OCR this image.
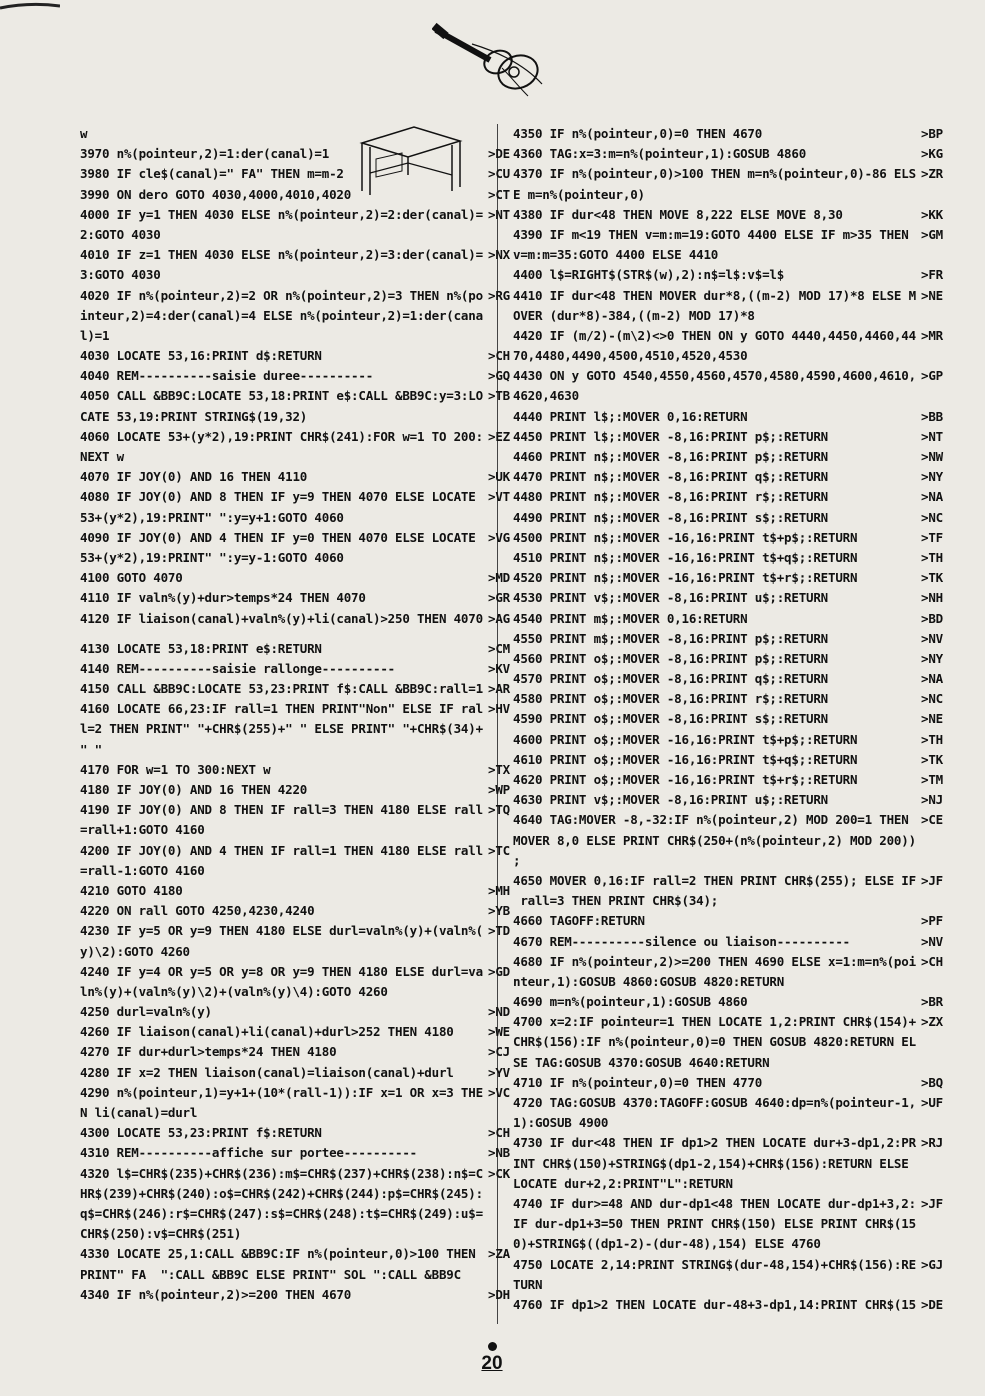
w
3970 n%(pointeur,2)=1:der(canal)=1	>DE
3980 IF cle$(canal)=" FA" THEN m=m-2	>CU
3990 ON dero GOTO 4030,4000,4010,4020	>CT
4000 IF y=1 THEN 4030 ELSE n%(pointeur,2)=2:der(canal)= >NT
2:GOTO 4030
4010 IF z=1 THEN 4030 ELSE n%(pointeur,2)=3:der(canal)= >NX
3:GOTO 4030
4020 IF n%(pointeur,2)=2 OR n%(pointeur,2)=3 THEN n%(po >RG
inteur,2)=4:der(canal)=4 ELSE n%(pointeur,2)=1:der(cana
l)=1
4030 LOCATE 53,16:PRINT d$:RETURN	>CH
4040 REM----------saisie duree----------	>GQ
4050 CALL &BB9C:LOCATE 53,18:PRINT e$:CALL &BB9C:y=3:LO >TB
CATE 53,19:PRINT STRING$(19,32)
4060 LOCATE 53+(y*2),19:PRINT CHR$(241):FOR w=1 TO 200: >EZ
NEXT w
4070 IF JOY(0) AND 16 THEN 4110	>UK
4080 IF JOY(0) AND 8 THEN IF y=9 THEN 4070 ELSE LOCATE >VT
53+(y*2),19:PRINT" ":y=y+1:GOTO 4060
4090 IF JOY(0) AND 4 THEN IF y=0 THEN 4070 ELSE LOCATE >VG
53+(y*2),19:PRINT" ":y=y-1:GOTO 4060
4100 GOTO 4070	>MD
4110 IF valn%(y)+dur>temps*24 THEN 4070	>GR
4120 IF liaison(canal)+valn%(y)+li(canal)>250 THEN 4070 >AG
4130 LOCATE 53,18:PRINT e$:RETURN	>CM
4140 REM----------saisie rallonge----------	>KV
4150 CALL &BB9C:LOCATE 53,23:PRINT f$:CALL &BB9C:rall=1 >AR
4160 LOCATE 66,23:IF rall=1 THEN PRINT"Non" ELSE IF ral >HV
l=2 THEN PRINT" "+CHR$(255)+" " ELSE PRINT" "+CHR$(34)+
" "
4170 FOR w=1 TO 300:NEXT w	>TX
4180 IF JOY(0) AND 16 THEN 4220	>WP
4190 IF JOY(0) AND 8 THEN IF rall=3 THEN 4180 ELSE rall >TQ
=rall+1:GOTO 4160
4200 IF JOY(0) AND 4 THEN IF rall=1 THEN 4180 ELSE rall >TC
=rall-1:GOTO 4160
4210 GOTO 4180	>MH
4220 ON rall GOTO 4250,4230,4240	>YB
4230 IF y=5 OR y=9 THEN 4180 ELSE durl=valn%(y)+(valn%( >TD
y)\2):GOTO 4260
4240 IF y=4 OR y=5 OR y=8 OR y=9 THEN 4180 ELSE durl=va >GD
ln%(y)+(valn%(y)\2)+(valn%(y)\4):GOTO 4260
4250 durl=valn%(y)	>ND
4260 IF liaison(canal)+li(canal)+durl>252 THEN 4180	>WE
4270 IF dur+durl>temps*24 THEN 4180	>CJ
4280 IF x=2 THEN liaison(canal)=liaison(canal)+durl	>YV
4290 n%(pointeur,1)=y+1+(10*(rall-1)):IF x=1 OR x=3 THE >VC
N li(canal)=durl
4300 LOCATE 53,23:PRINT f$:RETURN	>CH
4310 REM----------affiche sur portee----------	>NB
4320 l$=CHR$(235)+CHR$(236):m$=CHR$(237)+CHR$(238):n$=C >CK
HR$(239)+CHR$(240):o$=CHR$(242)+CHR$(244):p$=CHR$(245):
q$=CHR$(246):r$=CHR$(247):s$=CHR$(248):t$=CHR$(249):u$=
CHR$(250):v$=CHR$(251)
4330 LOCATE 25,1:CALL &BB9C:IF n%(pointeur,0)>100 THEN >ZA
PRINT" FA  ":CALL &BB9C ELSE PRINT" SOL ":CALL &BB9C
4340 IF n%(pointeur,2)>=200 THEN 4670	>DH
4350 IF n%(pointeur,0)=0 THEN 4670	>BP
4360 TAG:x=3:m=n%(pointeur,1):GOSUB 4860	>KG
4370 IF n%(pointeur,0)>100 THEN m=n%(pointeur,0)-86 ELS >ZR
E m=n%(pointeur,0)
4380 IF dur<48 THEN MOVE 8,222 ELSE MOVE 8,30	>KK
4390 IF m<19 THEN v=m:m=19:GOTO 4400 ELSE IF m>35 THEN >GM
v=m:m=35:GOTO 4400 ELSE 4410
4400 l$=RIGHT$(STR$(w),2):n$=l$:v$=l$	>FR
4410 IF dur<48 THEN MOVER dur*8,((m-2) MOD 17)*8 ELSE M >NE
OVER (dur*8)-384,((m-2) MOD 17)*8
4420 IF (m/2)-(m\2)<>0 THEN ON y GOTO 4440,4450,4460,44 >MR
70,4480,4490,4500,4510,4520,4530
4430 ON y GOTO 4540,4550,4560,4570,4580,4590,4600,4610, >GP
4620,4630
4440 PRINT l$;:MOVER 0,16:RETURN	>BB
4450 PRINT l$;:MOVER -8,16:PRINT p$;:RETURN	>NT
4460 PRINT n$;:MOVER -8,16:PRINT p$;:RETURN	>NW
4470 PRINT n$;:MOVER -8,16:PRINT q$;:RETURN	>NY
4480 PRINT n$;:MOVER -8,16:PRINT r$;:RETURN	>NA
4490 PRINT n$;:MOVER -8,16:PRINT s$;:RETURN	>NC
4500 PRINT n$;:MOVER -16,16:PRINT t$+p$;:RETURN	>TF
4510 PRINT n$;:MOVER -16,16:PRINT t$+q$;:RETURN	>TH
4520 PRINT n$;:MOVER -16,16:PRINT t$+r$;:RETURN	>TK
4530 PRINT v$;:MOVER -8,16:PRINT u$;:RETURN	>NH
4540 PRINT m$;:MOVER 0,16:RETURN	>BD
4550 PRINT m$;:MOVER -8,16:PRINT p$;:RETURN	>NV
4560 PRINT o$;:MOVER -8,16:PRINT p$;:RETURN	>NY
4570 PRINT o$;:MOVER -8,16:PRINT q$;:RETURN	>NA
4580 PRINT o$;:MOVER -8,16:PRINT r$;:RETURN	>NC
4590 PRINT o$;:MOVER -8,16:PRINT s$;:RETURN	>NE
4600 PRINT o$;:MOVER -16,16:PRINT t$+p$;:RETURN	>TH
4610 PRINT o$;:MOVER -16,16:PRINT t$+q$;:RETURN	>TK
4620 PRINT o$;:MOVER -16,16:PRINT t$+r$;:RETURN	>TM
4630 PRINT v$;:MOVER -8,16:PRINT u$;:RETURN	>NJ
4640 TAG:MOVER -8,-32:IF n%(pointeur,2) MOD 200=1 THEN >CE
MOVER 8,0 ELSE PRINT CHR$(250+(n%(pointeur,2) MOD 200))
;
4650 MOVER 0,16:IF rall=2 THEN PRINT CHR$(255); ELSE IF >JF
rall=3 THEN PRINT CHR$(34);
4660 TAGOFF:RETURN	>PF
4670 REM----------silence ou liaison----------	>NV
4680 IF n%(pointeur,2)>=200 THEN 4690 ELSE x=1:m=n%(poi >CH
nteur,1):GOSUB 4860:GOSUB 4820:RETURN
4690 m=n%(pointeur,1):GOSUB 4860	>BR
4700 x=2:IF pointeur=1 THEN LOCATE 1,2:PRINT CHR$(154)+ >ZX
CHR$(156):IF n%(pointeur,0)=0 THEN GOSUB 4820:RETURN EL
SE TAG:GOSUB 4370:GOSUB 4640:RETURN
4710 IF n%(pointeur,0)=0 THEN 4770	>BQ
4720 TAG:GOSUB 4370:TAGOFF:GOSUB 4640:dp=n%(pointeur-1, >UF
1):GOSUB 4900
4730 IF dur<48 THEN IF dp1>2 THEN LOCATE dur+3-dp1,2:PR >RJ
INT CHR$(150)+STRING$(dp1-2,154)+CHR$(156):RETURN ELSE
LOCATE dur+2,2:PRINT"L":RETURN
4740 IF dur>=48 AND dur-dp1<48 THEN LOCATE dur-dp1+3,2: >JF
IF dur-dp1+3=50 THEN PRINT CHR$(150) ELSE PRINT CHR$(15
0)+STRING$((dp1-2)-(dur-48),154) ELSE 4760
4750 LOCATE 2,14:PRINT STRING$(dur-48,154)+CHR$(156):RE >GJ
TURN
4760 IF dp1>2 THEN LOCATE dur-48+3-dp1,14:PRINT CHR$(15 >DE
20
